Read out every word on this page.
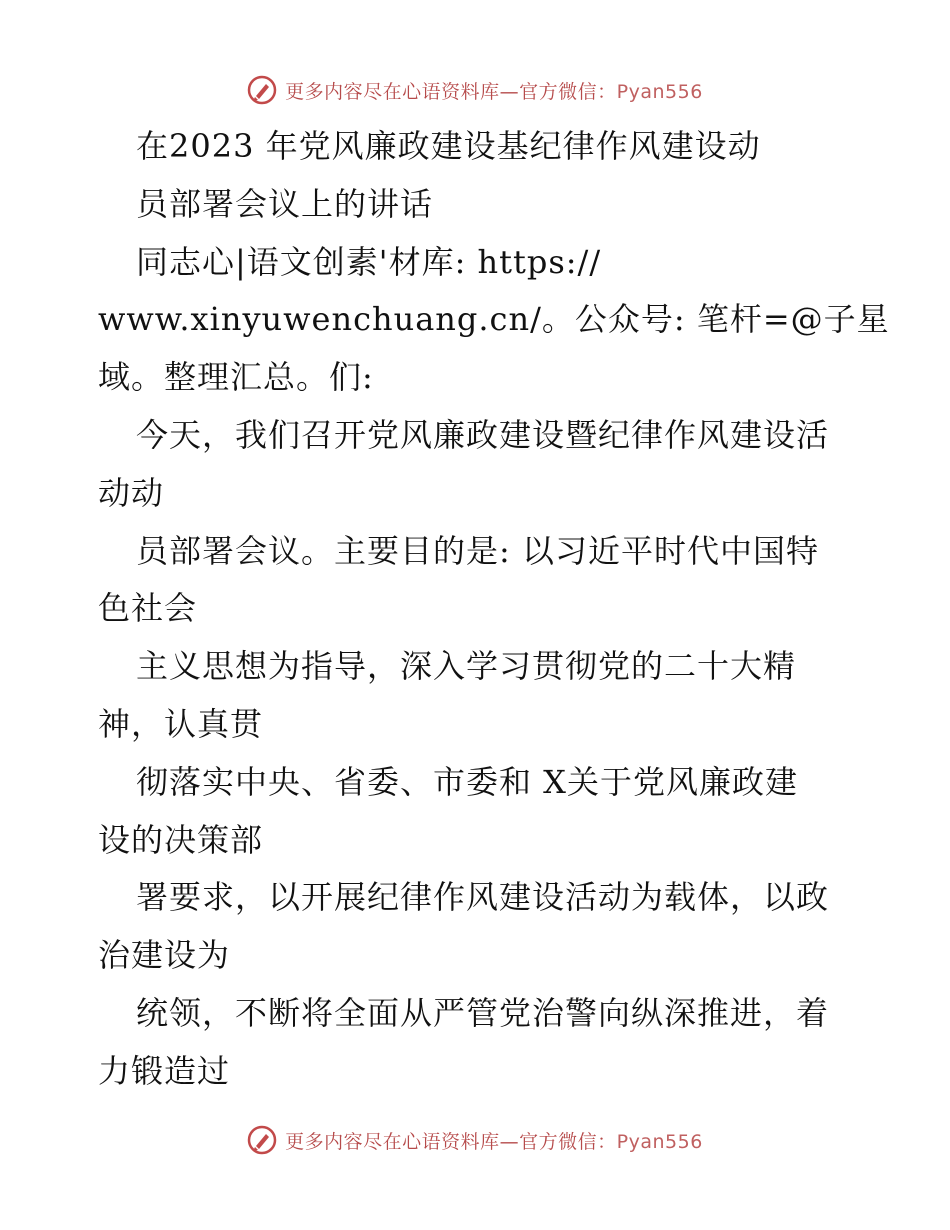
更多内容尽在心语资料库—官方微信：Pyan556
在2023 年党风廉政建设基纪律作风建设动
员部署会议上的讲话
同志心|语文创素'材库: https://
www.xinyuwenchuang.cn/。公众号: 笔杆=@子星
域。整理汇总。们:
今天，我们召开党风廉政建设暨纪律作风建设活
动动
员部署会议。主要目的是: 以习近平时代中国特
色社会
主义思想为指导，深入学习贯彻党的二十大精
神，认真贯
彻落实中央、省委、市委和 X关于党风廉政建
设的决策部
署要求，以开展纪律作风建设活动为载体，以政
治建设为
统领，不断将全面从严管党治警向纵深推进，着
力锻造过
更多内容尽在心语资料库—官方微信：Pyan556
